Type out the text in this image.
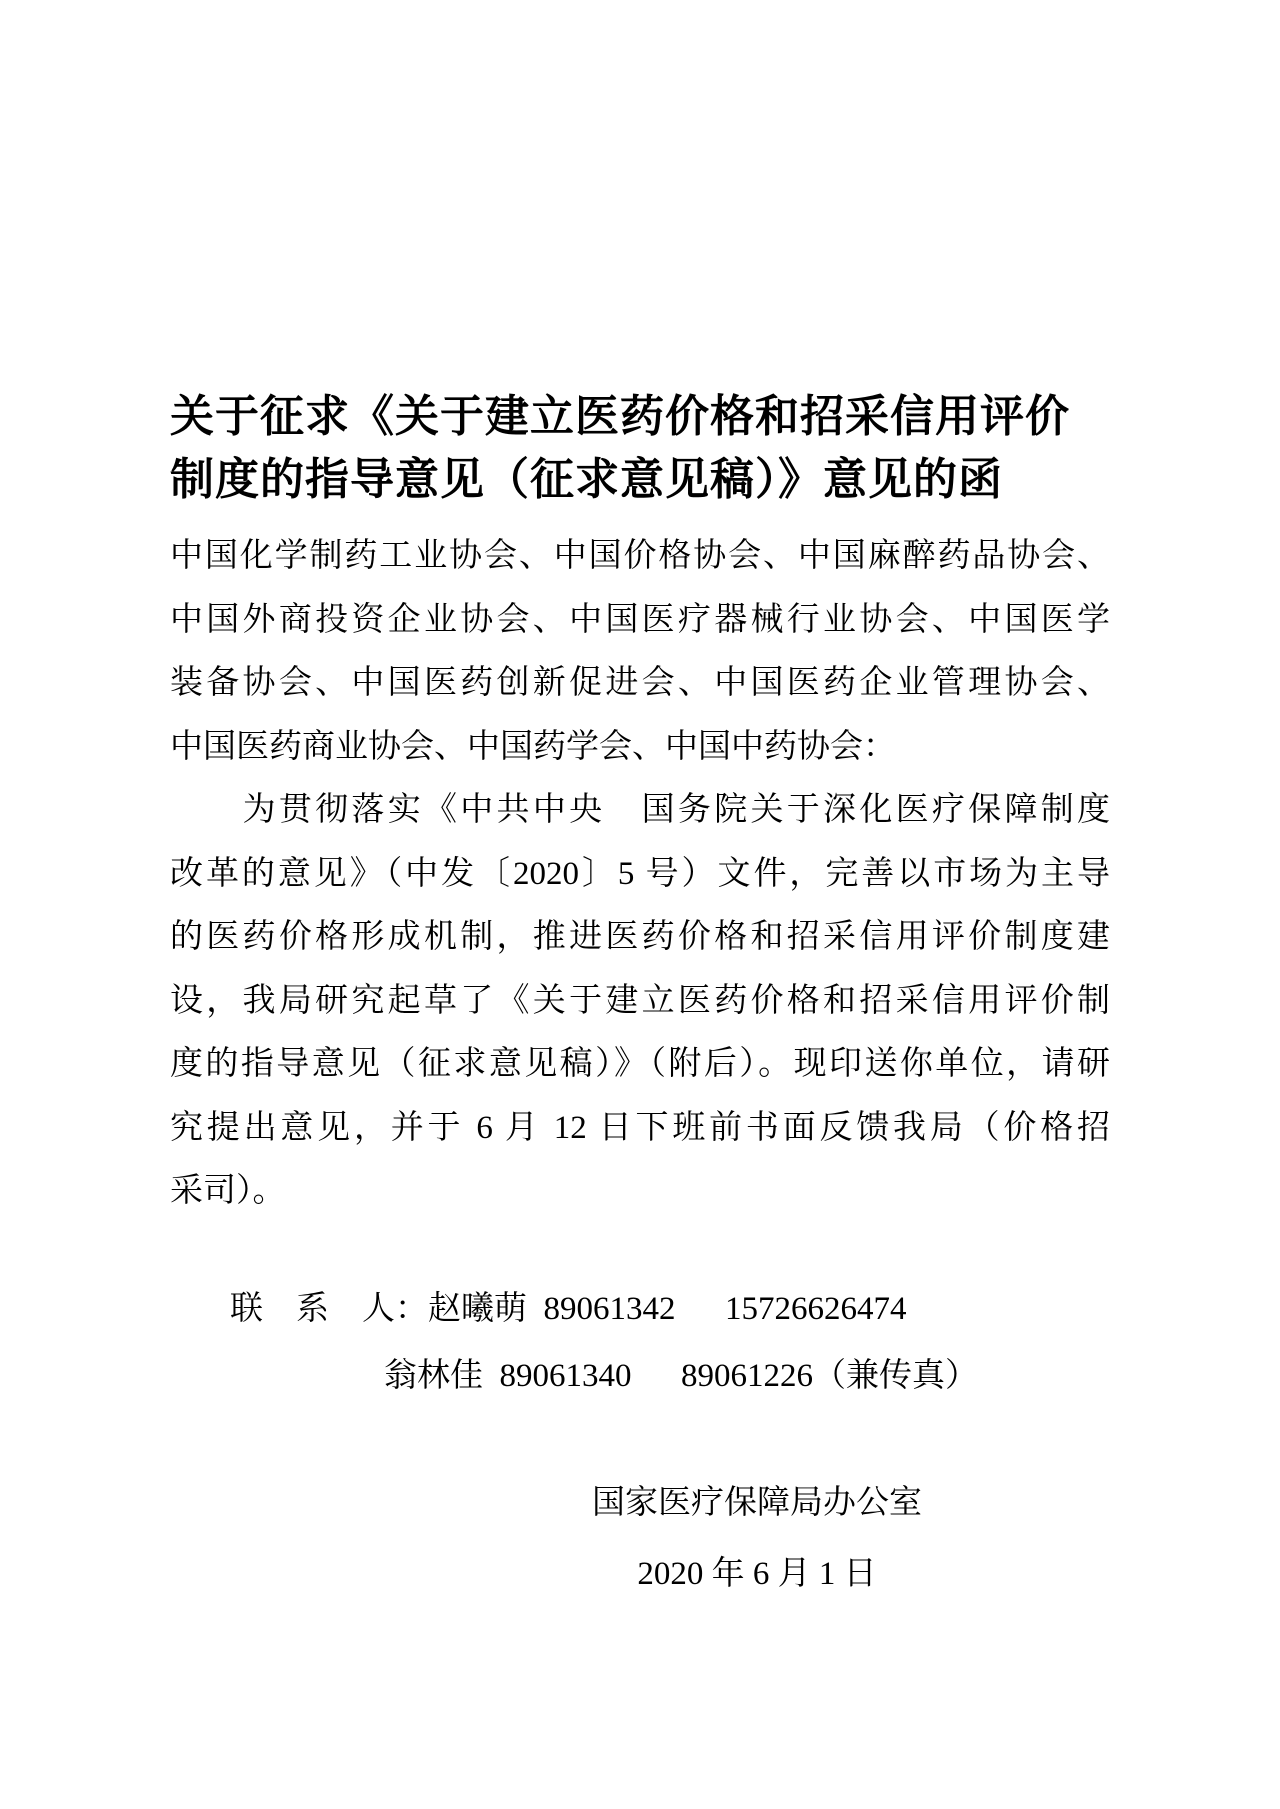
关于征求《关于建立医药价格和招采信用评价
制度的指导意见（征求意见稿）》意见的函
中国化学制药工业协会、中国价格协会、中国麻醉药品协会、
中国外商投资企业协会、中国医疗器械行业协会、中国医学
装备协会、中国医药创新促进会、中国医药企业管理协会、
中国医药商业协会、中国药学会、中国中药协会：
为贯彻落实《中共中央　国务院关于深化医疗保障制度
改革的意见》（中发〔2020〕5 号）文件，完善以市场为主导
的医药价格形成机制，推进医药价格和招采信用评价制度建
设，我局研究起草了《关于建立医药价格和招采信用评价制
度的指导意见（征求意见稿）》（附后）。现印送你单位，请研
究提出意见，并于 6 月 12 日下班前书面反馈我局（价格招
采司）。
联　系　人：赵曦萌  89061342　  15726626474
翁林佳  89061340　  89061226（兼传真）
国家医疗保障局办公室
2020 年 6 月 1 日
